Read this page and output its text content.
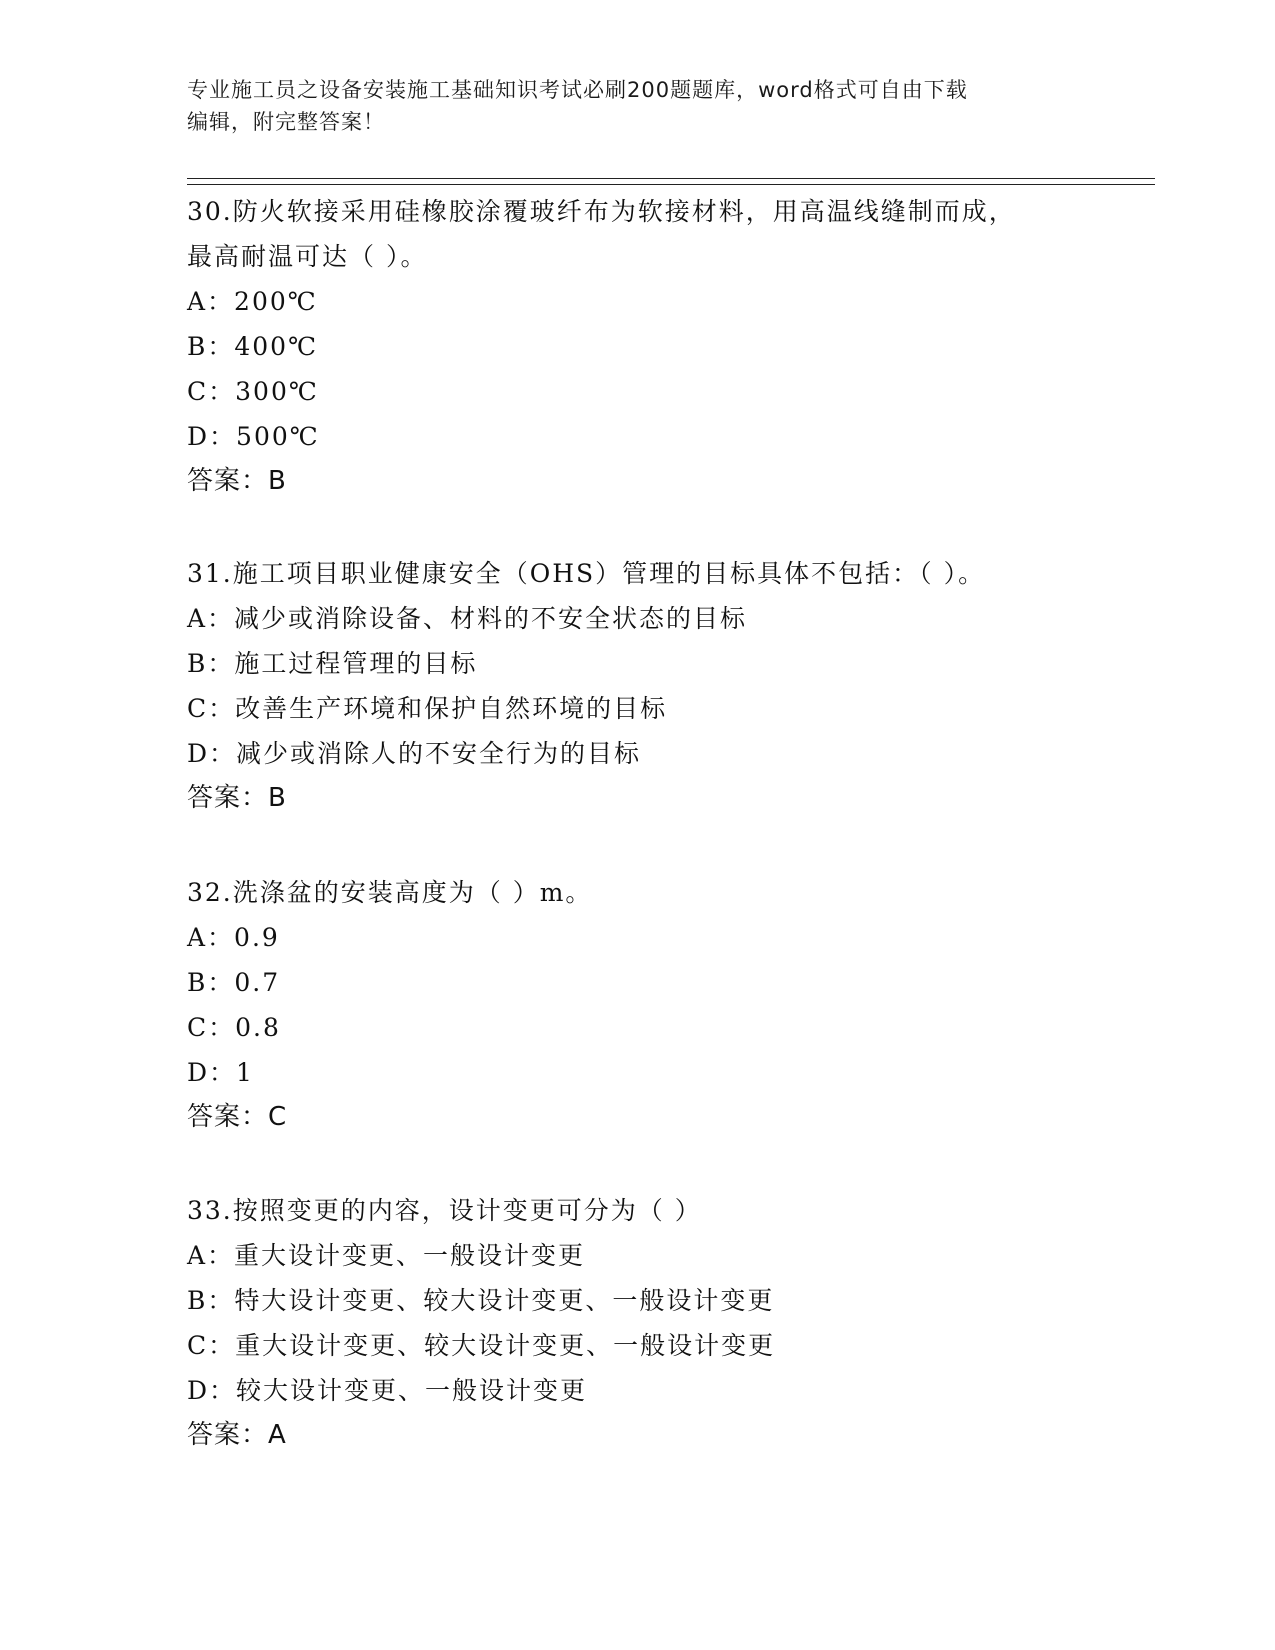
专业施工员之设备安装施工基础知识考试必刷200题题库，word格式可自由下载
编辑，附完整答案！

30.防火软接采用硅橡胶涂覆玻纤布为软接材料，用高温线缝制而成，

最高耐温可达（ ）。

A：200℃

B：400℃

C：300℃

D：500℃

答案：B

31.施工项目职业健康安全（OHS）管理的目标具体不包括：（ ）。

A：减少或消除设备、材料的不安全状态的目标

B：施工过程管理的目标

C：改善生产环境和保护自然环境的目标

D：减少或消除人的不安全行为的目标

答案：B

32.洗涤盆的安装高度为（ ）m。

A：0.9

B：0.7

C：0.8

D：1

答案：C

33.按照变更的内容，设计变更可分为（ ）

A：重大设计变更、一般设计变更

B：特大设计变更、较大设计变更、一般设计变更

C：重大设计变更、较大设计变更、一般设计变更

D：较大设计变更、一般设计变更

答案：A
